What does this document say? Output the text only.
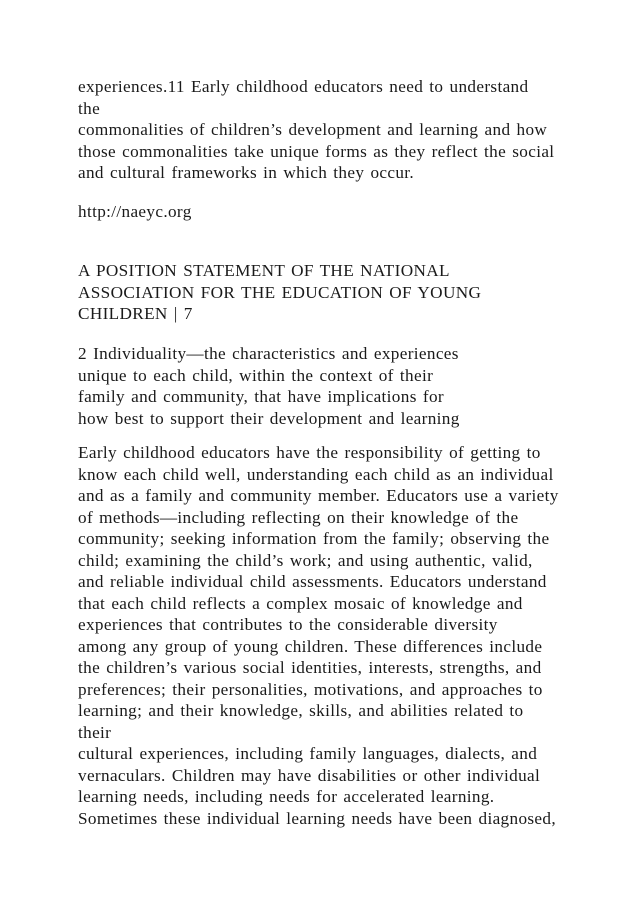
experiences.11 Early childhood educators need to understand
the
commonalities of children’s development and learning and how
those commonalities take unique forms as they reflect the social
and cultural frameworks in which they occur.
http://naeyc.org
A POSITION STATEMENT OF THE NATIONAL
ASSOCIATION FOR THE EDUCATION OF YOUNG
CHILDREN | 7
2 Individuality—the characteristics and experiences
unique to each child, within the context of their
family and community, that have implications for
how best to support their development and learning
Early childhood educators have the responsibility of getting to
know each child well, understanding each child as an individual
and as a family and community member. Educators use a variety
of methods—including reflecting on their knowledge of the
community; seeking information from the family; observing the
child; examining the child’s work; and using authentic, valid,
and reliable individual child assessments. Educators understand
that each child reflects a complex mosaic of knowledge and
experiences that contributes to the considerable diversity
among any group of young children. These differences include
the children’s various social identities, interests, strengths, and
preferences; their personalities, motivations, and approaches to
learning; and their knowledge, skills, and abilities related to
their
cultural experiences, including family languages, dialects, and
vernaculars. Children may have disabilities or other individual
learning needs, including needs for accelerated learning.
Sometimes these individual learning needs have been diagnosed,
